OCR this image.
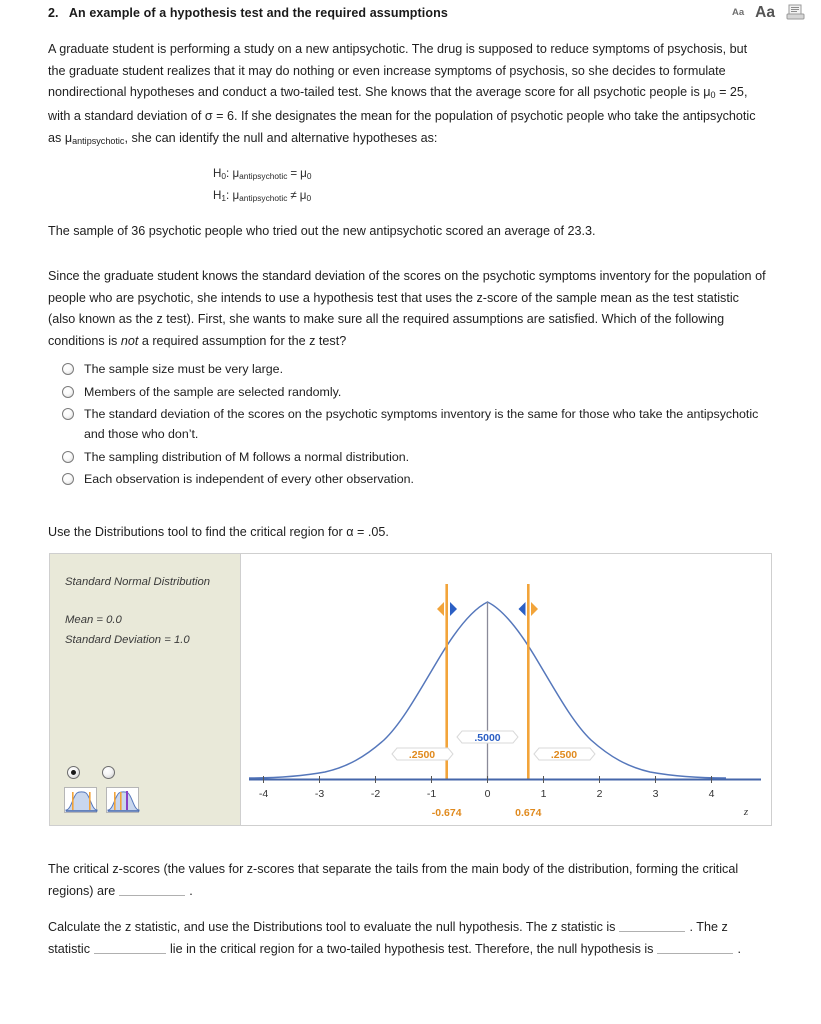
2. An example of a hypothesis test and the required assumptions	Aa Aa

A graduate student is performing a study on a new antipsychotic. The drug is supposed to reduce symptoms of psychosis, but the graduate student realizes that it may do nothing or even increase symptoms of psychosis, so she decides to formulate nondirectional hypotheses and conduct a two-tailed test. She knows that the average score for all psychotic people is $\mu_0 = 25$, with a standard deviation of σ = 6. If she designates the mean for the population of psychotic people who take the antipsychotic as $\mu_{antipsychotic}$, she can identify the null and alternative hypotheses as:

$H_0$: $\mu_{antipsychotic} = \mu_0$
$H_1$: $\mu_{antipsychotic} \ne \mu_0$

The sample of 36 psychotic people who tried out the new antipsychotic scored an average of 23.3.

Since the graduate student knows the standard deviation of the scores on the psychotic symptoms inventory for the population of people who are psychotic, she intends to use a hypothesis test that uses the z-score of the sample mean as the test statistic (also known as the z test). First, she wants to make sure all the required assumptions are satisfied. Which of the following conditions is not a required assumption for the z test?

The sample size must be very large.
Members of the sample are selected randomly.
The standard deviation of the scores on the psychotic symptoms inventory is the same for those who take the antipsychotic and those who don’t.
The sampling distribution of M follows a normal distribution.
Each observation is independent of every other observation.

Use the Distributions tool to find the critical region for α = .05.

Standard Normal Distribution
Mean = 0.0
Standard Deviation = 1.0
-4	-3	-2	-1	0	1	2	3	4
z
-0.674	0.674
.5000
.2500	.2500

The critical z-scores (the values for z-scores that separate the tails from the main body of the distribution, forming the critical regions) are	.

Calculate the z statistic, and use the Distributions tool to evaluate the null hypothesis. The z statistic is	. The z statistic	lie in the critical region for a two-tailed hypothesis test. Therefore, the null hypothesis is	.
